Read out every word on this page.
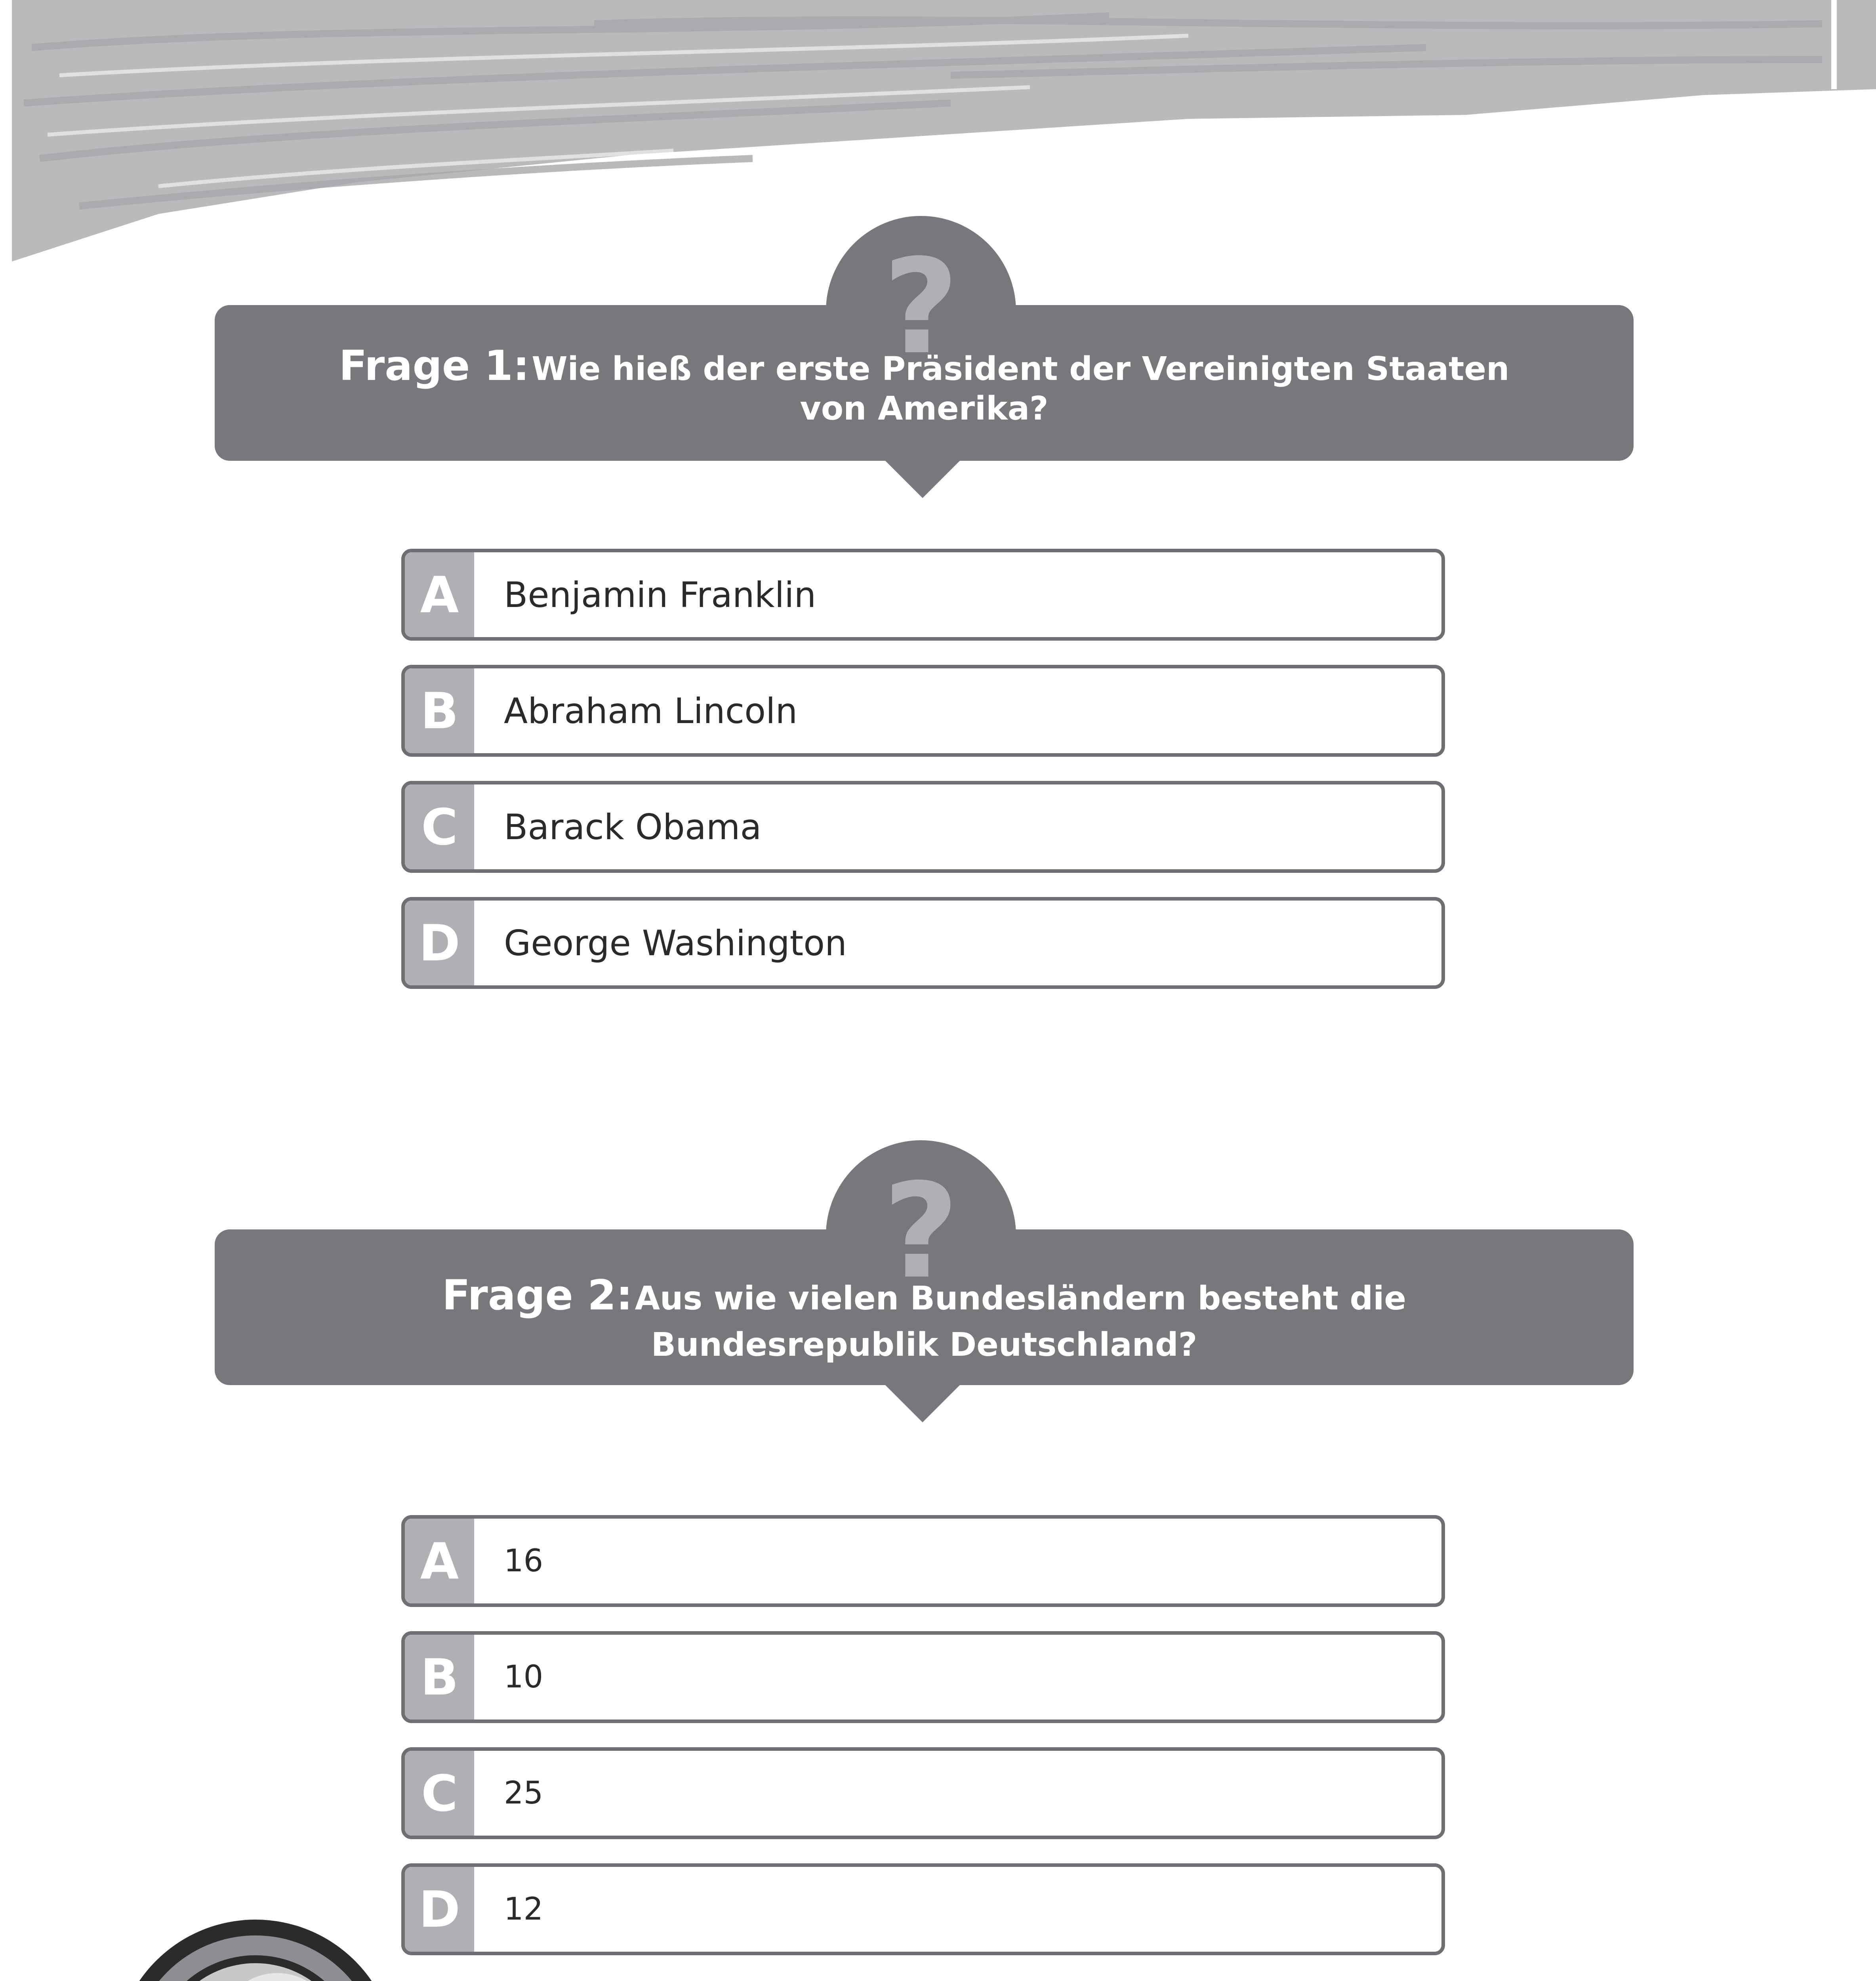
?
Frage 1: Wie hieß der erste Präsident der Vereinigten Staaten von Amerika?
A	Benjamin Franklin
B	Abraham Lincoln
C	Barack Obama
D	George Washington
?
Frage 2: Aus wie vielen Bundesländern besteht die Bundesrepublik Deutschland?
A	16
B	10
C	25
D	12
